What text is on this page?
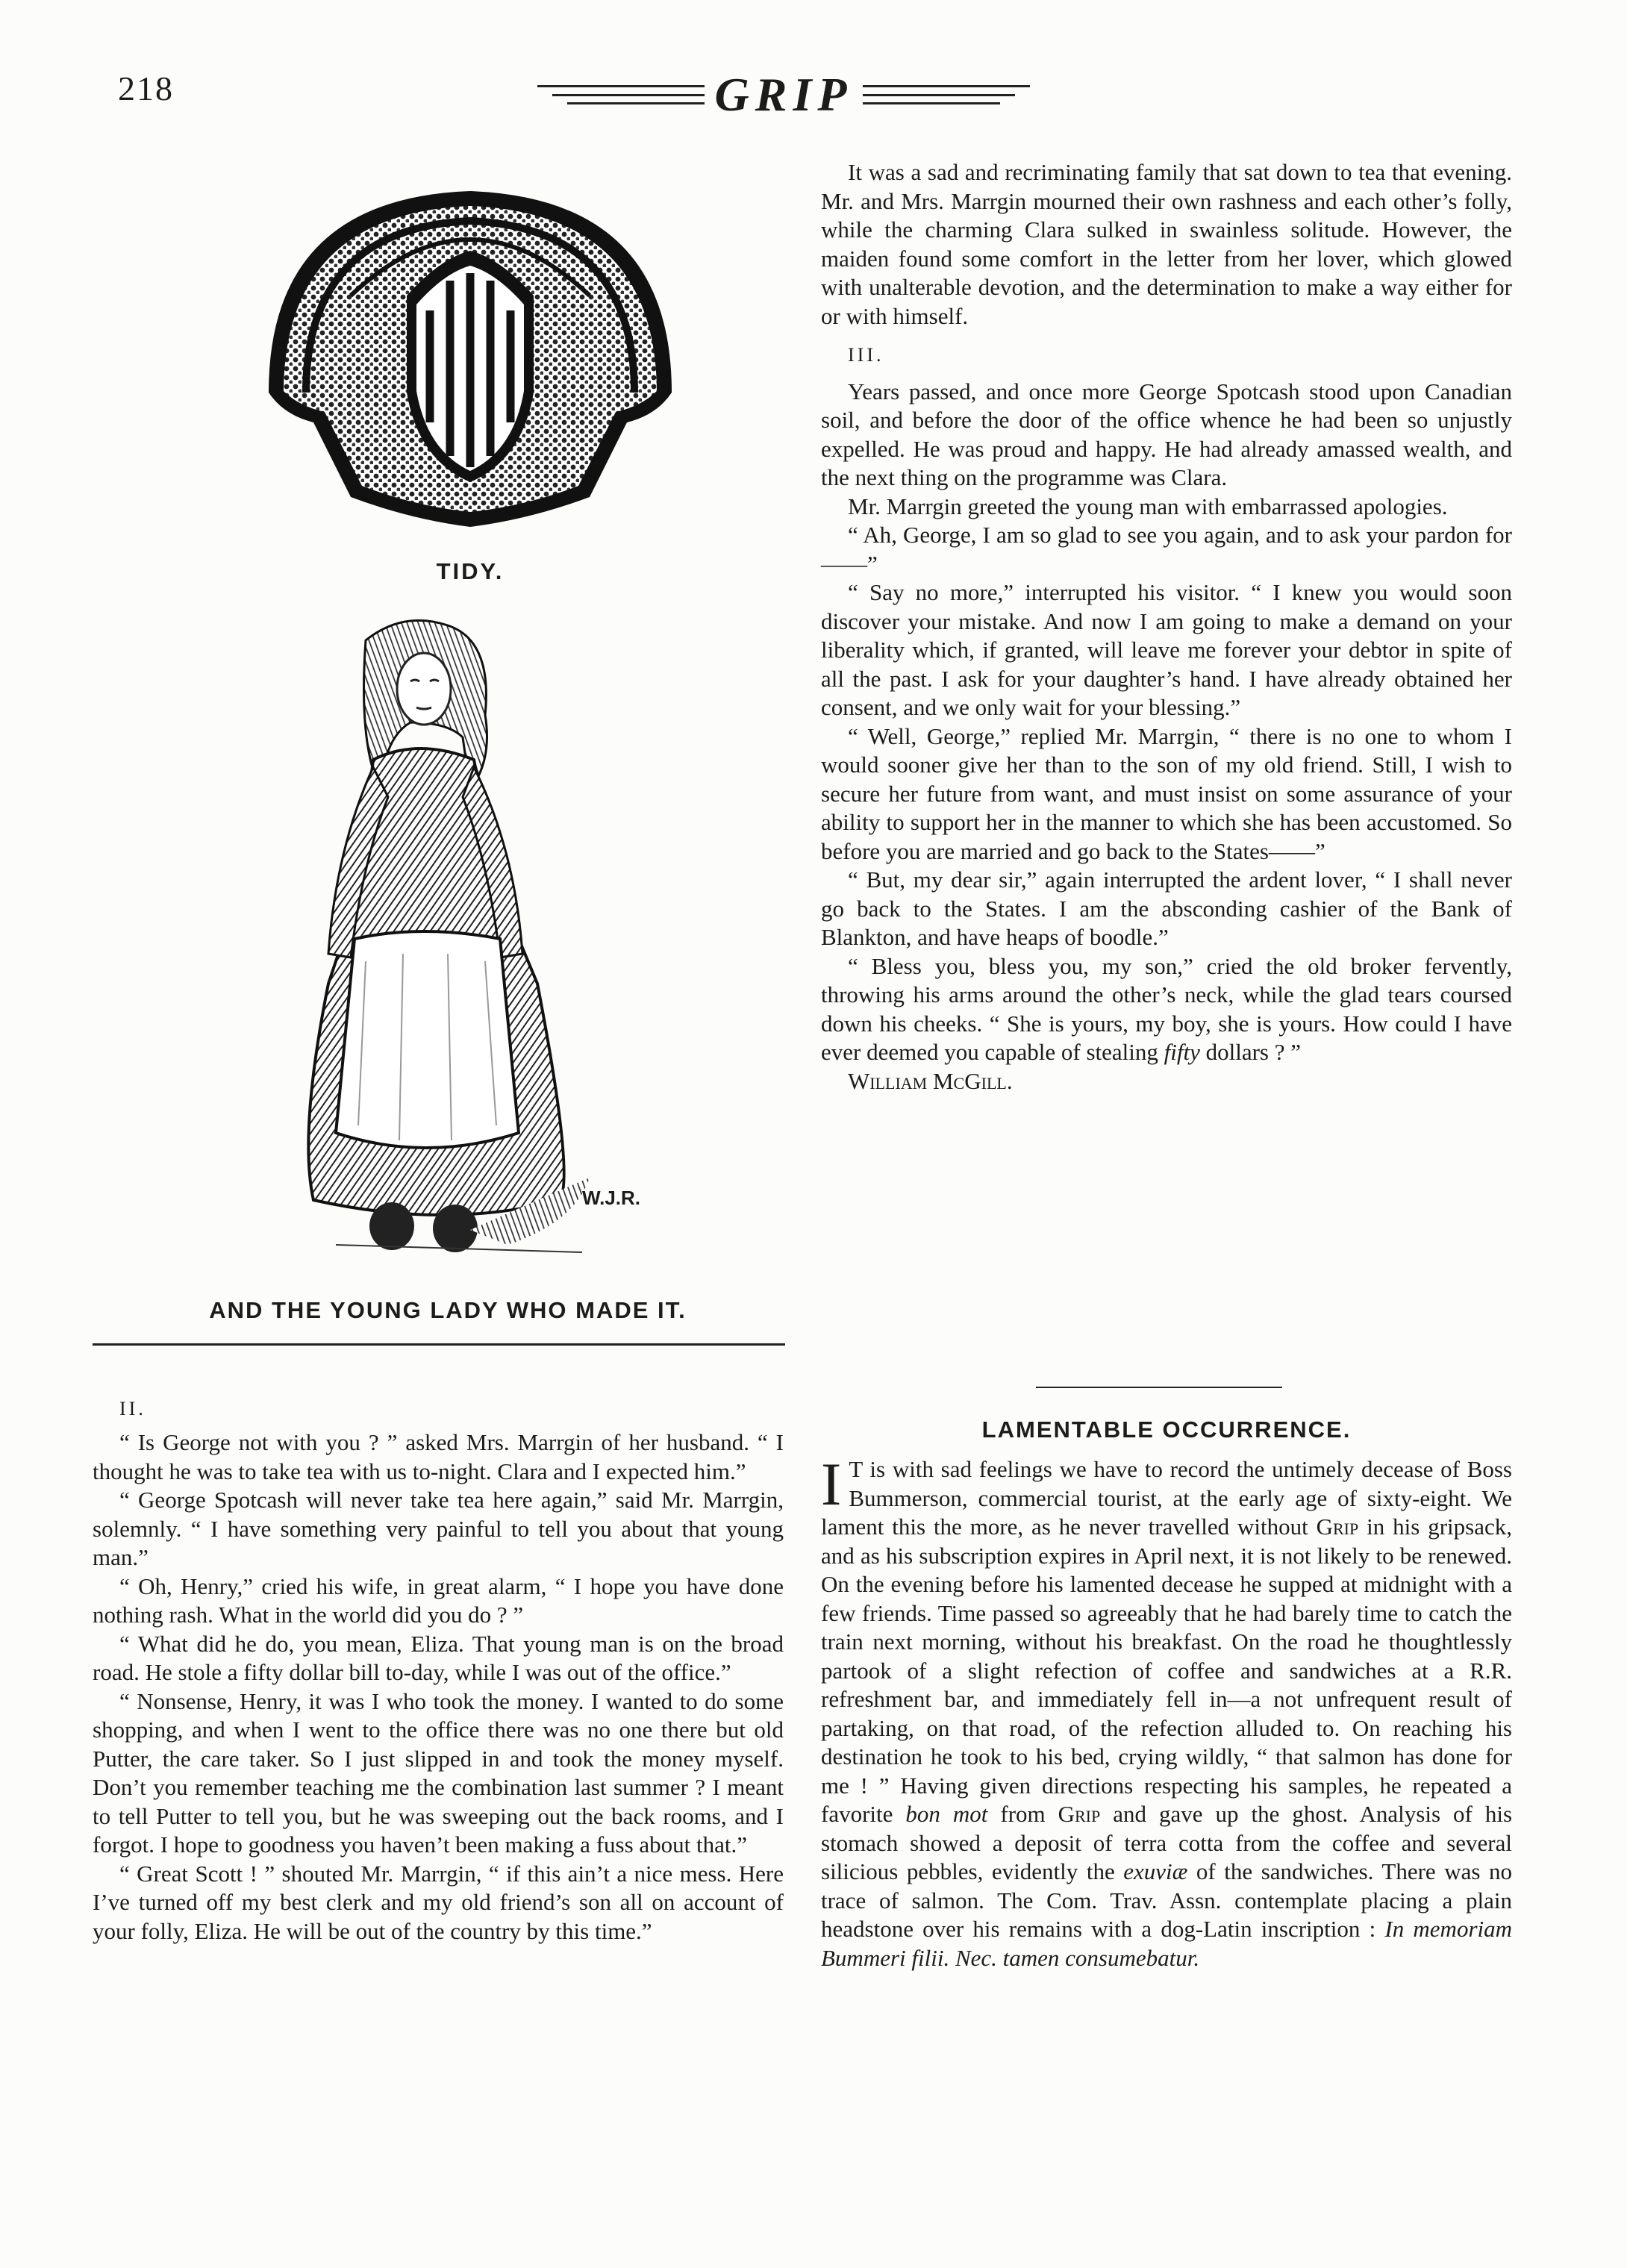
218	GRIP
TIDY.
W.J.R.
AND THE YOUNG LADY WHO MADE IT.

II.

“ Is George not with you ? ” asked Mrs. Marrgin of her husband. “ I thought he was to take tea with us to-night. Clara and I expected him.”

“ George Spotcash will never take tea here again,” said Mr. Marrgin, solemnly. “ I have something very painful to tell you about that young man.”

“ Oh, Henry,” cried his wife, in great alarm, “ I hope you have done nothing rash. What in the world did you do ? ”

“ What did he do, you mean, Eliza. That young man is on the broad road. He stole a fifty dollar bill to-day, while I was out of the office.”

“ Nonsense, Henry, it was I who took the money. I wanted to do some shopping, and when I went to the office there was no one there but old Putter, the care taker. So I just slipped in and took the money myself. Don’t you remember teaching me the combination last summer ? I meant to tell Putter to tell you, but he was sweeping out the back rooms, and I forgot. I hope to goodness you haven’t been making a fuss about that.”

“ Great Scott ! ” shouted Mr. Marrgin, “ if this ain’t a nice mess. Here I’ve turned off my best clerk and my old friend’s son all on account of your folly, Eliza. He will be out of the country by this time.”

It was a sad and recriminating family that sat down to tea that evening. Mr. and Mrs. Marrgin mourned their own rashness and each other’s folly, while the charming Clara sulked in swainless solitude. However, the maiden found some comfort in the letter from her lover, which glowed with unalterable devotion, and the determination to make a way either for or with himself.

III.

Years passed, and once more George Spotcash stood upon Canadian soil, and before the door of the office whence he had been so unjustly expelled. He was proud and happy. He had already amassed wealth, and the next thing on the programme was Clara.

Mr. Marrgin greeted the young man with embarrassed apologies.

“ Ah, George, I am so glad to see you again, and to ask your pardon for——”

“ Say no more,” interrupted his visitor. “ I knew you would soon discover your mistake. And now I am going to make a demand on your liberality which, if granted, will leave me forever your debtor in spite of all the past. I ask for your daughter’s hand. I have already obtained her consent, and we only wait for your blessing.”

“ Well, George,” replied Mr. Marrgin, “ there is no one to whom I would sooner give her than to the son of my old friend. Still, I wish to secure her future from want, and must insist on some assurance of your ability to support her in the manner to which she has been accustomed. So before you are married and go back to the States——”

“ But, my dear sir,” again interrupted the ardent lover, “ I shall never go back to the States. I am the absconding cashier of the Bank of Blankton, and have heaps of boodle.”

“ Bless you, bless you, my son,” cried the old broker fervently, throwing his arms around the other’s neck, while the glad tears coursed down his cheeks. “ She is yours, my boy, she is yours. How could I have ever deemed you capable of stealing fifty dollars ? ”

William McGill.

LAMENTABLE OCCURRENCE.

I T is with sad feelings we have to record the untimely decease of Boss Bummerson, commercial tourist, at the early age of sixty-eight. We lament this the more, as he never travelled without Grip in his gripsack, and as his subscription expires in April next, it is not likely to be renewed. On the evening before his lamented decease he supped at midnight with a few friends. Time passed so agreeably that he had barely time to catch the train next morning, without his breakfast. On the road he thoughtlessly partook of a slight refection of coffee and sandwiches at a R.R. refreshment bar, and immediately fell in—a not unfrequent result of partaking, on that road, of the refection alluded to. On reaching his destination he took to his bed, crying wildly, “ that salmon has done for me ! ” Having given directions respecting his samples, he repeated a favorite bon mot from Grip and gave up the ghost. Analysis of his stomach showed a deposit of terra cotta from the coffee and several silicious pebbles, evidently the exuviæ of the sandwiches. There was no trace of salmon. The Com. Trav. Assn. contemplate placing a plain headstone over his remains with a dog-Latin inscription : In memoriam Bummeri filii. Nec. tamen consumebatur.
